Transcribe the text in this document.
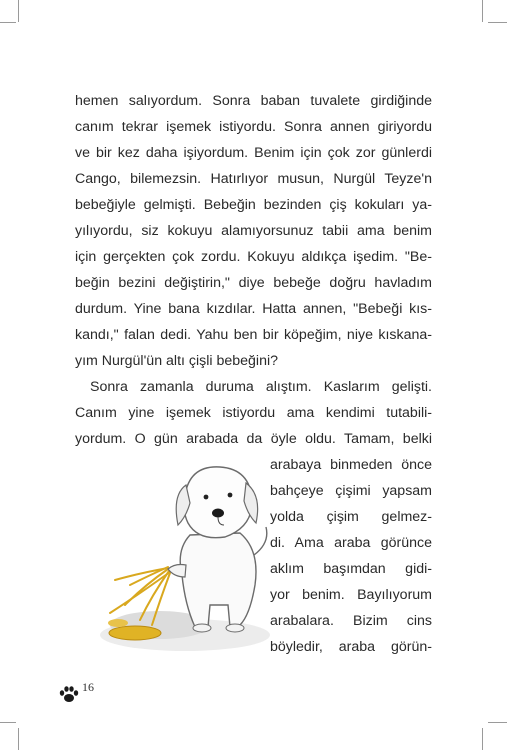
hemen salıyordum. Sonra baban tuvalete girdiğinde
canım tekrar işemek istiyordu. Sonra annen giriyordu
ve bir kez daha işiyordum. Benim için çok zor günlerdi
Cango, bilemezsin. Hatırlıyor musun, Nurgül Teyze'n
bebeğiyle gelmişti. Bebeğin bezinden çiş kokuları ya-
yılıyordu, siz kokuyu alamıyorsunuz tabii ama benim
için gerçekten çok zordu. Kokuyu aldıkça işedim. "Be-
beğin bezini değiştirin," diye bebeğe doğru havladım
durdum. Yine bana kızdılar. Hatta annen, "Bebeği kıs-
kandı," falan dedi. Yahu ben bir köpeğim, niye kıskana-
yım Nurgül'ün altı çişli bebeğini?
Sonra zamanla duruma alıştım. Kaslarım gelişti.
Canım yine işemek istiyordu ama kendimi tutabili-
yordum. O gün arabada da öyle oldu. Tamam, belki
arabaya binmeden önce
bahçeye çişimi yapsam
yolda çişim gelmez-
di. Ama araba görünce
aklım başımdan gidi-
yor benim. Bayılıyorum
arabalara. Bizim cins
böyledir, araba görün-
16
